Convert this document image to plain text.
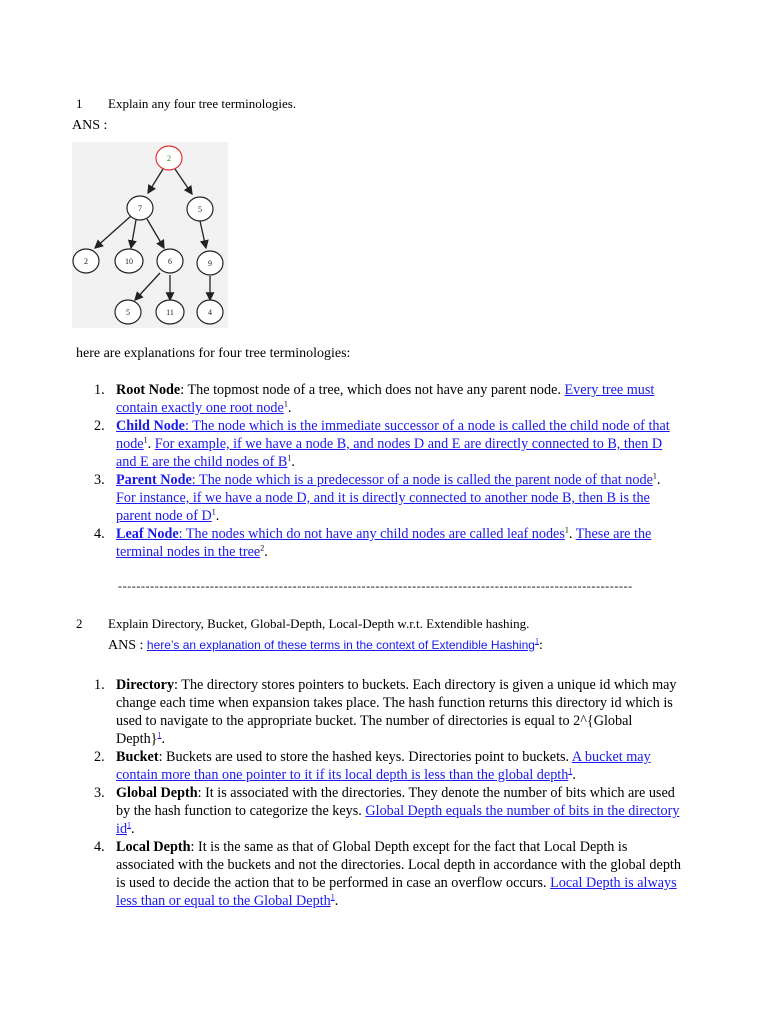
1 Explain any four tree terminologies.
ANS :
2
7	5
2	10	6	9
5	11	4
here are explanations for four tree terminologies:
1. Root Node: The topmost node of a tree, which does not have any parent node. Every tree must contain exactly one root node$^1$.
2. Child Node: The node which is the immediate successor of a node is called the child node of that node$^1$. For example, if we have a node B, and nodes D and E are directly connected to B, then D and E are the child nodes of $B^1$.
3. Parent Node: The node which is a predecessor of a node is called the parent node of that node$^1$. For instance, if we have a node D, and it is directly connected to another node B, then B is the parent node of $D^1$.
4. Leaf Node: The nodes which do not have any child nodes are called leaf nodes$^1$. These are the terminal nodes in the tree$^2$.
----------------------------------------------------------------------------------------------------------------
2 Explain Directory, Bucket, Global-Depth, Local-Depth w.r.t. Extendible hashing.
ANS : here’s an explanation of these terms in the context of Extendible Hashing$^1$:
1. Directory: The directory stores pointers to buckets. Each directory is given a unique id which may change each time when expansion takes place. The hash function returns this directory id which is used to navigate to the appropriate bucket. The number of directories is equal to 2^{Global Depth}$^1$.
2. Bucket: Buckets are used to store the hashed keys. Directories point to buckets. A bucket may contain more than one pointer to it if its local depth is less than the global depth$^1$.
3. Global Depth: It is associated with the directories. They denote the number of bits which are used by the hash function to categorize the keys. Global Depth equals the number of bits in the directory $id^1$.
4. Local Depth: It is the same as that of Global Depth except for the fact that Local Depth is associated with the buckets and not the directories. Local depth in accordance with the global depth is used to decide the action that to be performed in case an overflow occurs. Local Depth is always less than or equal to the Global Depth$^1$.
